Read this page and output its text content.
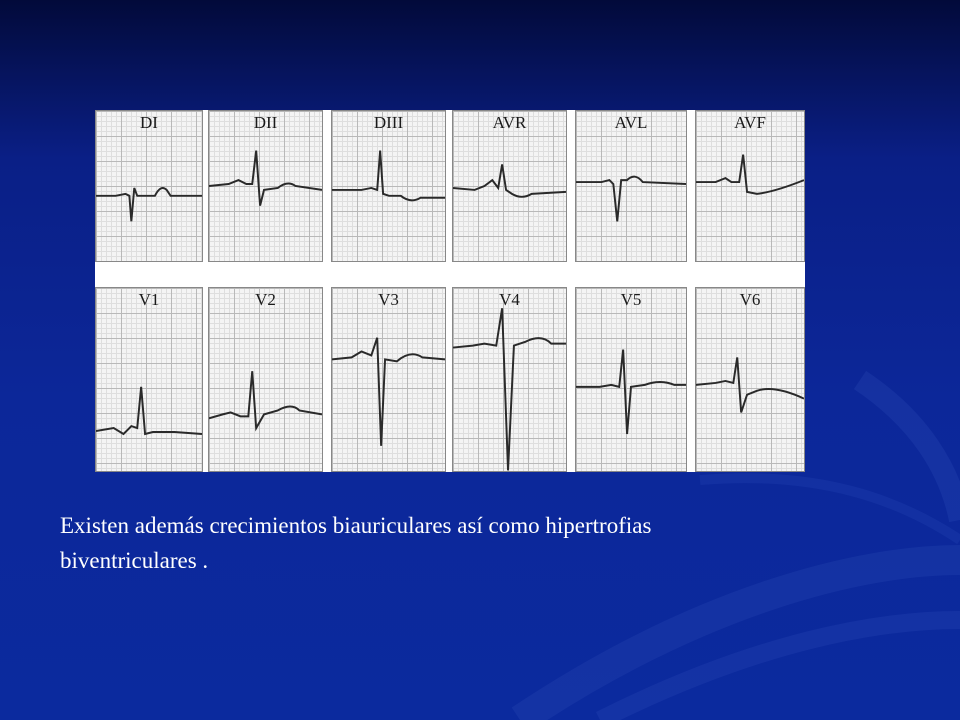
DI	DII	DIII	AVR	AVL	AVF
V1	V2	V3	V4	V5	V6
Existen además crecimientos biauriculares así como hipertrofias
biventriculares .
